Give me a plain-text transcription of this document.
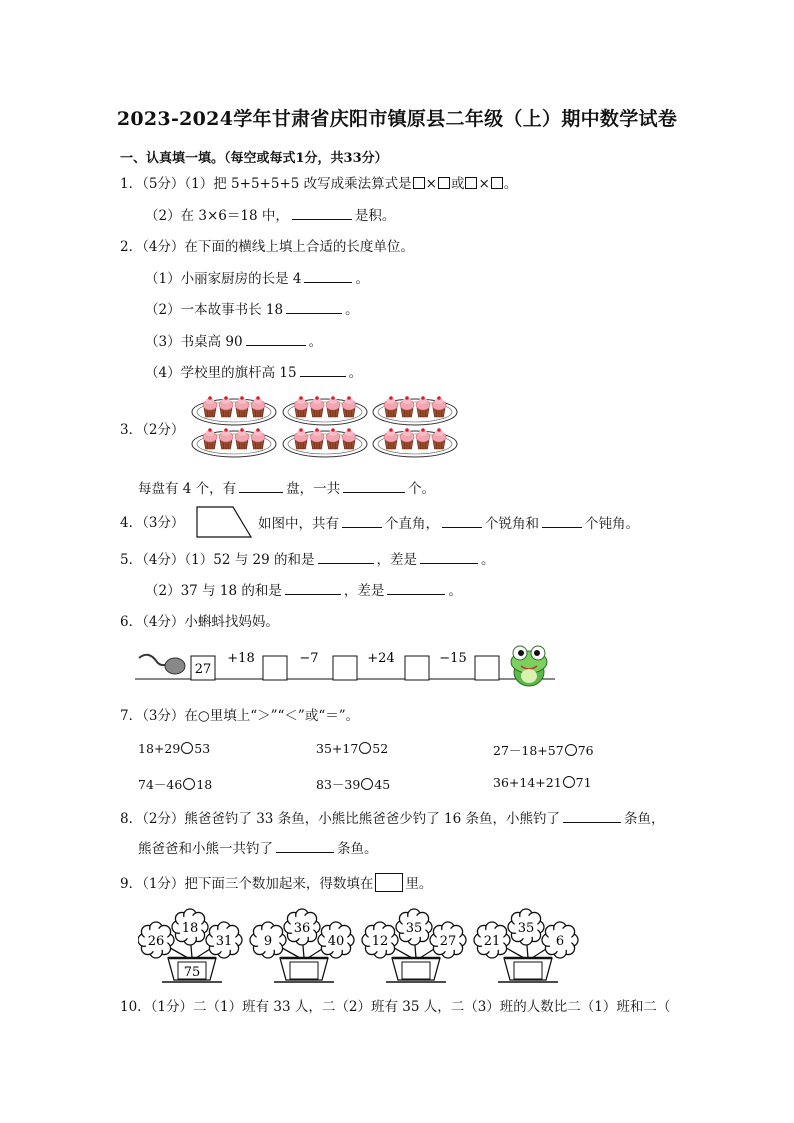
2023-2024学年甘肃省庆阳市镇原县二年级（上）期中数学试卷
一、认真填一填。（每空或每式1分，共33分）
1．（5分）（1）把 5+5+5+5 改写成乘法算式是 × 或 × 。
（2）在 3×6＝18 中，	是积。
2．（4分）在下面的横线上填上合适的长度单位。
（1）小丽家厨房的长是 4	。
（2）一本故事书长 18	。
（3）书桌高 90	。
（4）学校里的旗杆高 15	。
3．（2分）
每盘有 4 个，有	盘，一共	个。
4．（3分）	如图中，共有	个直角，	个锐角和	个钝角。
5．（4分）（1）52 与 29 的和是	，差是	。
（2）37 与 18 的和是	，差是	。
6．（4分）小蝌蚪找妈妈。
27
+18	−7	+24	−15
7．（3分）在○里填上“＞”“＜”或“＝”。
18+29 53	35+17 52	27－18+57 76
74－46 18	83－39 45	36+14+21 71
8．（2分）熊爸爸钓了 33 条鱼，小熊比熊爸爸少钓了 16 条鱼，小熊钓了	条鱼，
熊爸爸和小熊一共钓了	条鱼。
9．（1分）把下面三个数加起来，得数填在 里。
75
26
18
31 9
36
40 12
35
27 21
35
6
10．（1分）二（1）班有 33 人，二（2）班有 35 人，二（3）班的人数比二（1）班和二（
